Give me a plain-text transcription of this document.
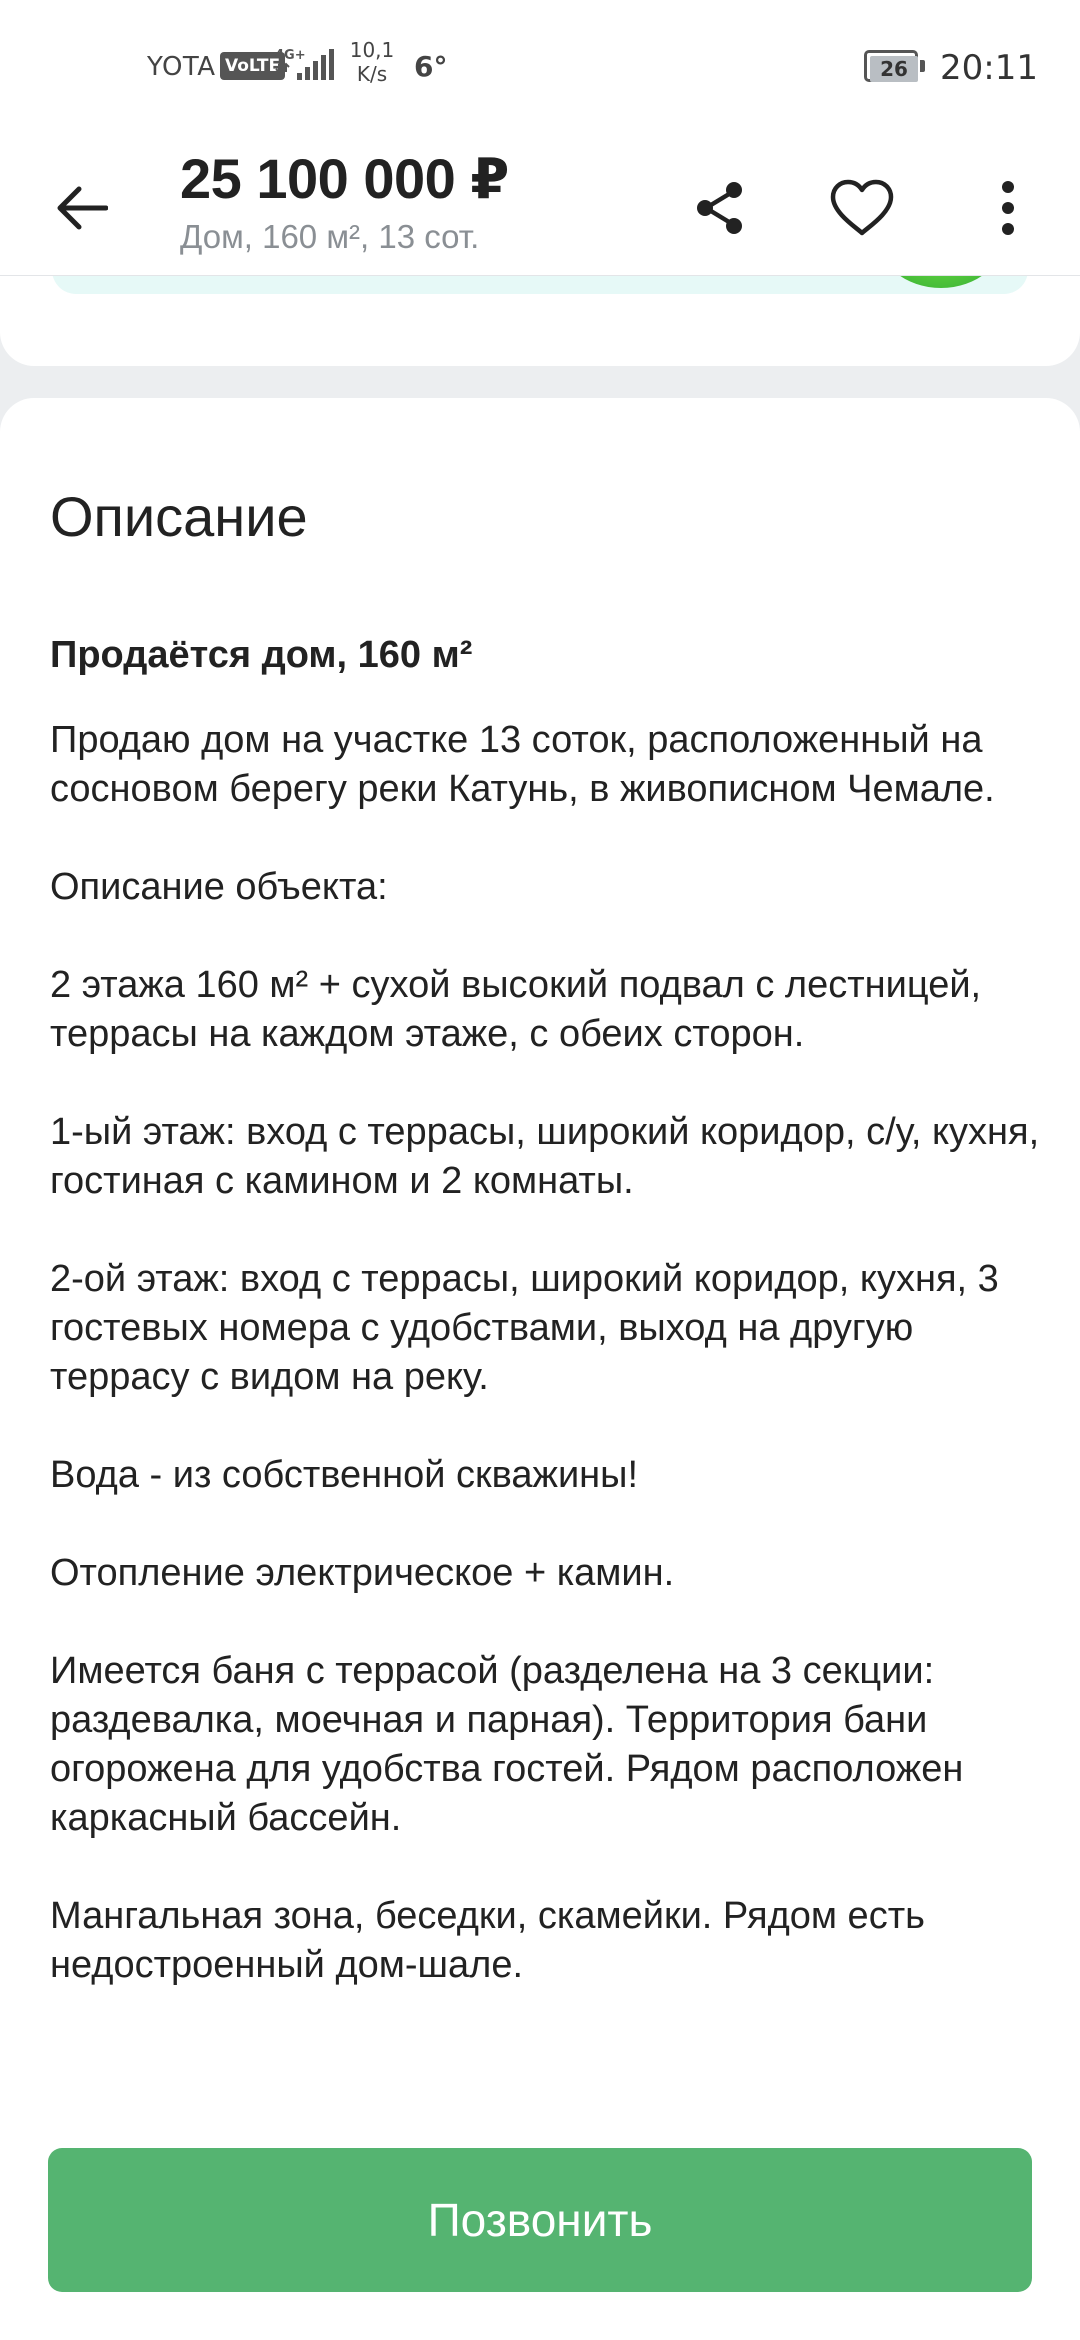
YOTA VoLTE
4G+ 10,1
K/s 6°	26 20:11
25 100 000 ₽
Дом, 160 м², 13 сот.
Описание
Продаётся дом, 160 м²

Продаю дом на участке 13 соток, расположенный на сосновом берегу реки Катунь, в живописном Чемале.

Описание объекта:

2 этажа 160 м² + сухой высокий подвал с лестницей, террасы на каждом этаже, с обеих сторон.

1-ый этаж: вход с террасы, широкий коридор, с/у, кухня, гостиная с камином и 2 комнаты.

2-ой этаж: вход с террасы, широкий коридор, кухня, 3 гостевых номера с удобствами, выход на другую террасу с видом на реку.

Вода - из собственной скважины!

Отопление электрическое + камин.

Имеется баня с террасой (разделена на 3 секции: раздевалка, моечная и парная). Территория бани огорожена для удобства гостей. Рядом расположен каркасный бассейн.

Мангальная зона, беседки, скамейки. Рядом есть недостроенный дом-шале.

Позвонить
